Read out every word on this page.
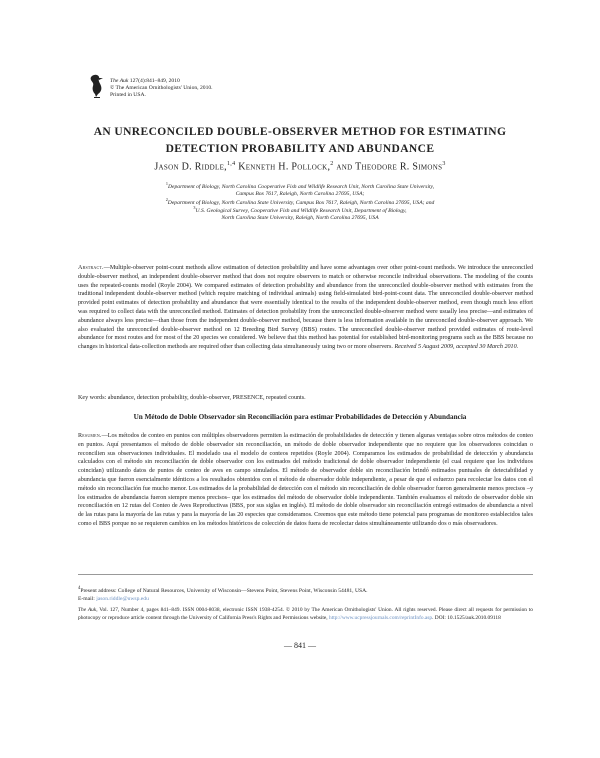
The Auk 127(4):841–849, 2010
© The American Ornithologists' Union, 2010.
Printed in USA.
AN UNRECONCILED DOUBLE-OBSERVER METHOD FOR ESTIMATING
DETECTION PROBABILITY AND ABUNDANCE
Jason D. Riddle,$^{1,4}$ Kenneth H. Pollock,$^2$ and Theodore R. Simons$^3$
$^1$Department of Biology, North Carolina Cooperative Fish and Wildlife Research Unit, North Carolina State University,
Campus Box 7617, Raleigh, North Carolina 27695, USA;
$^2$Department of Biology, North Carolina State University, Campus Box 7617, Raleigh, North Carolina 27695, USA; and
$^3$U.S. Geological Survey, Cooperative Fish and Wildlife Research Unit, Department of Biology,
North Carolina State University, Raleigh, North Carolina 27695, USA
Abstract.—Multiple-observer point-count methods allow estimation of detection probability and have some advantages over other point-count methods. We introduce the unreconciled double-observer method, an independent double-observer method that does not require observers to match or otherwise reconcile individual observations. The modeling of the counts uses the repeated-counts model (Royle 2004). We compared estimates of detection probability and abundance from the unreconciled double-observer method with estimates from the traditional independent double-observer method (which require matching of individual animals) using field-simulated bird-point-count data. The unreconciled double-observer method provided point estimates of detection probability and abundance that were essentially identical to the results of the independent double-observer method, even though much less effort was required to collect data with the unreconciled method. Estimates of detection probability from the unreconciled double-observer method were usually less precise—and estimates of abundance always less precise—than those from the independent double-observer method, because there is less information available in the unreconciled double-observer approach. We also evaluated the unreconciled double-observer method on 12 Breeding Bird Survey (BBS) routes. The unreconciled double-observer method provided estimates of route-level abundance for most routes and for most of the 20 species we considered. We believe that this method has potential for established bird-monitoring programs such as the BBS because no changes in historical data-collection methods are required other than collecting data simultaneously using two or more observers. Received 5 August 2009, accepted 30 March 2010.
Key words: abundance, detection probability, double-observer, PRESENCE, repeated counts.
Un Método de Doble Observador sin Reconciliación para estimar Probabilidades de Detección y Abundancia
Resumen.—Los métodos de conteo en puntos con múltiples observadores permiten la estimación de probabilidades de detección y tienen algunas ventajas sobre otros métodos de conteo en puntos. Aquí presentamos el método de doble observador sin reconciliación, un método de doble observador independiente que no requiere que los observadores coincidan o reconcilien sus observaciones individuales. El modelado usa el modelo de conteos repetidos (Royle 2004). Comparamos los estimados de probabilidad de detección y abundancia calculados con el método sin reconciliación de doble observador con los estimados del método tradicional de doble observador independiente (el cual requiere que los individuos coincidan) utilizando datos de puntos de conteo de aves en campo simulados. El método de observador doble sin reconciliación brindó estimados puntuales de detectabilidad y abundancia que fueron esencialmente idénticos a los resultados obtenidos con el método de observador doble independiente, a pesar de que el esfuerzo para recolectar los datos con el método sin reconciliación fue mucho menor. Los estimados de la probabilidad de detección con el método sin reconciliación de doble observador fueron generalmente menos precisos –y los estimados de abundancia fueron siempre menos precisos– que los estimados del método de observador doble independiente. También evaluamos el método de observador doble sin reconciliación en 12 rutas del Conteo de Aves Reproductivas (BBS, por sus siglas en inglés). El método de doble observador sin reconciliación entregó estimados de abundancia a nivel de las rutas para la mayoría de las rutas y para la mayoría de las 20 especies que consideramos. Creemos que este método tiene potencial para programas de monitoreo establecidos tales como el BBS porque no se requieren cambios en los métodos históricos de colección de datos fuera de recolectar datos simultáneamente utilizando dos o más observadores.
$^4$Present address: College of Natural Resources, University of Wisconsin—Stevens Point, Stevens Point, Wisconsin 54481, USA.
E-mail: jason.riddle@uwsp.edu
The Auk, Vol. 127, Number 4, pages 841–849. ISSN 0004-8038, electronic ISSN 1938-4254. © 2010 by The American Ornithologists' Union. All rights reserved. Please direct all requests for permission to photocopy or reproduce article content through the University of California Press's Rights and Permissions website, http://www.ucpressjournals.com/reprintInfo.asp. DOI: 10.1525/auk.2010.09118
— 841 —
